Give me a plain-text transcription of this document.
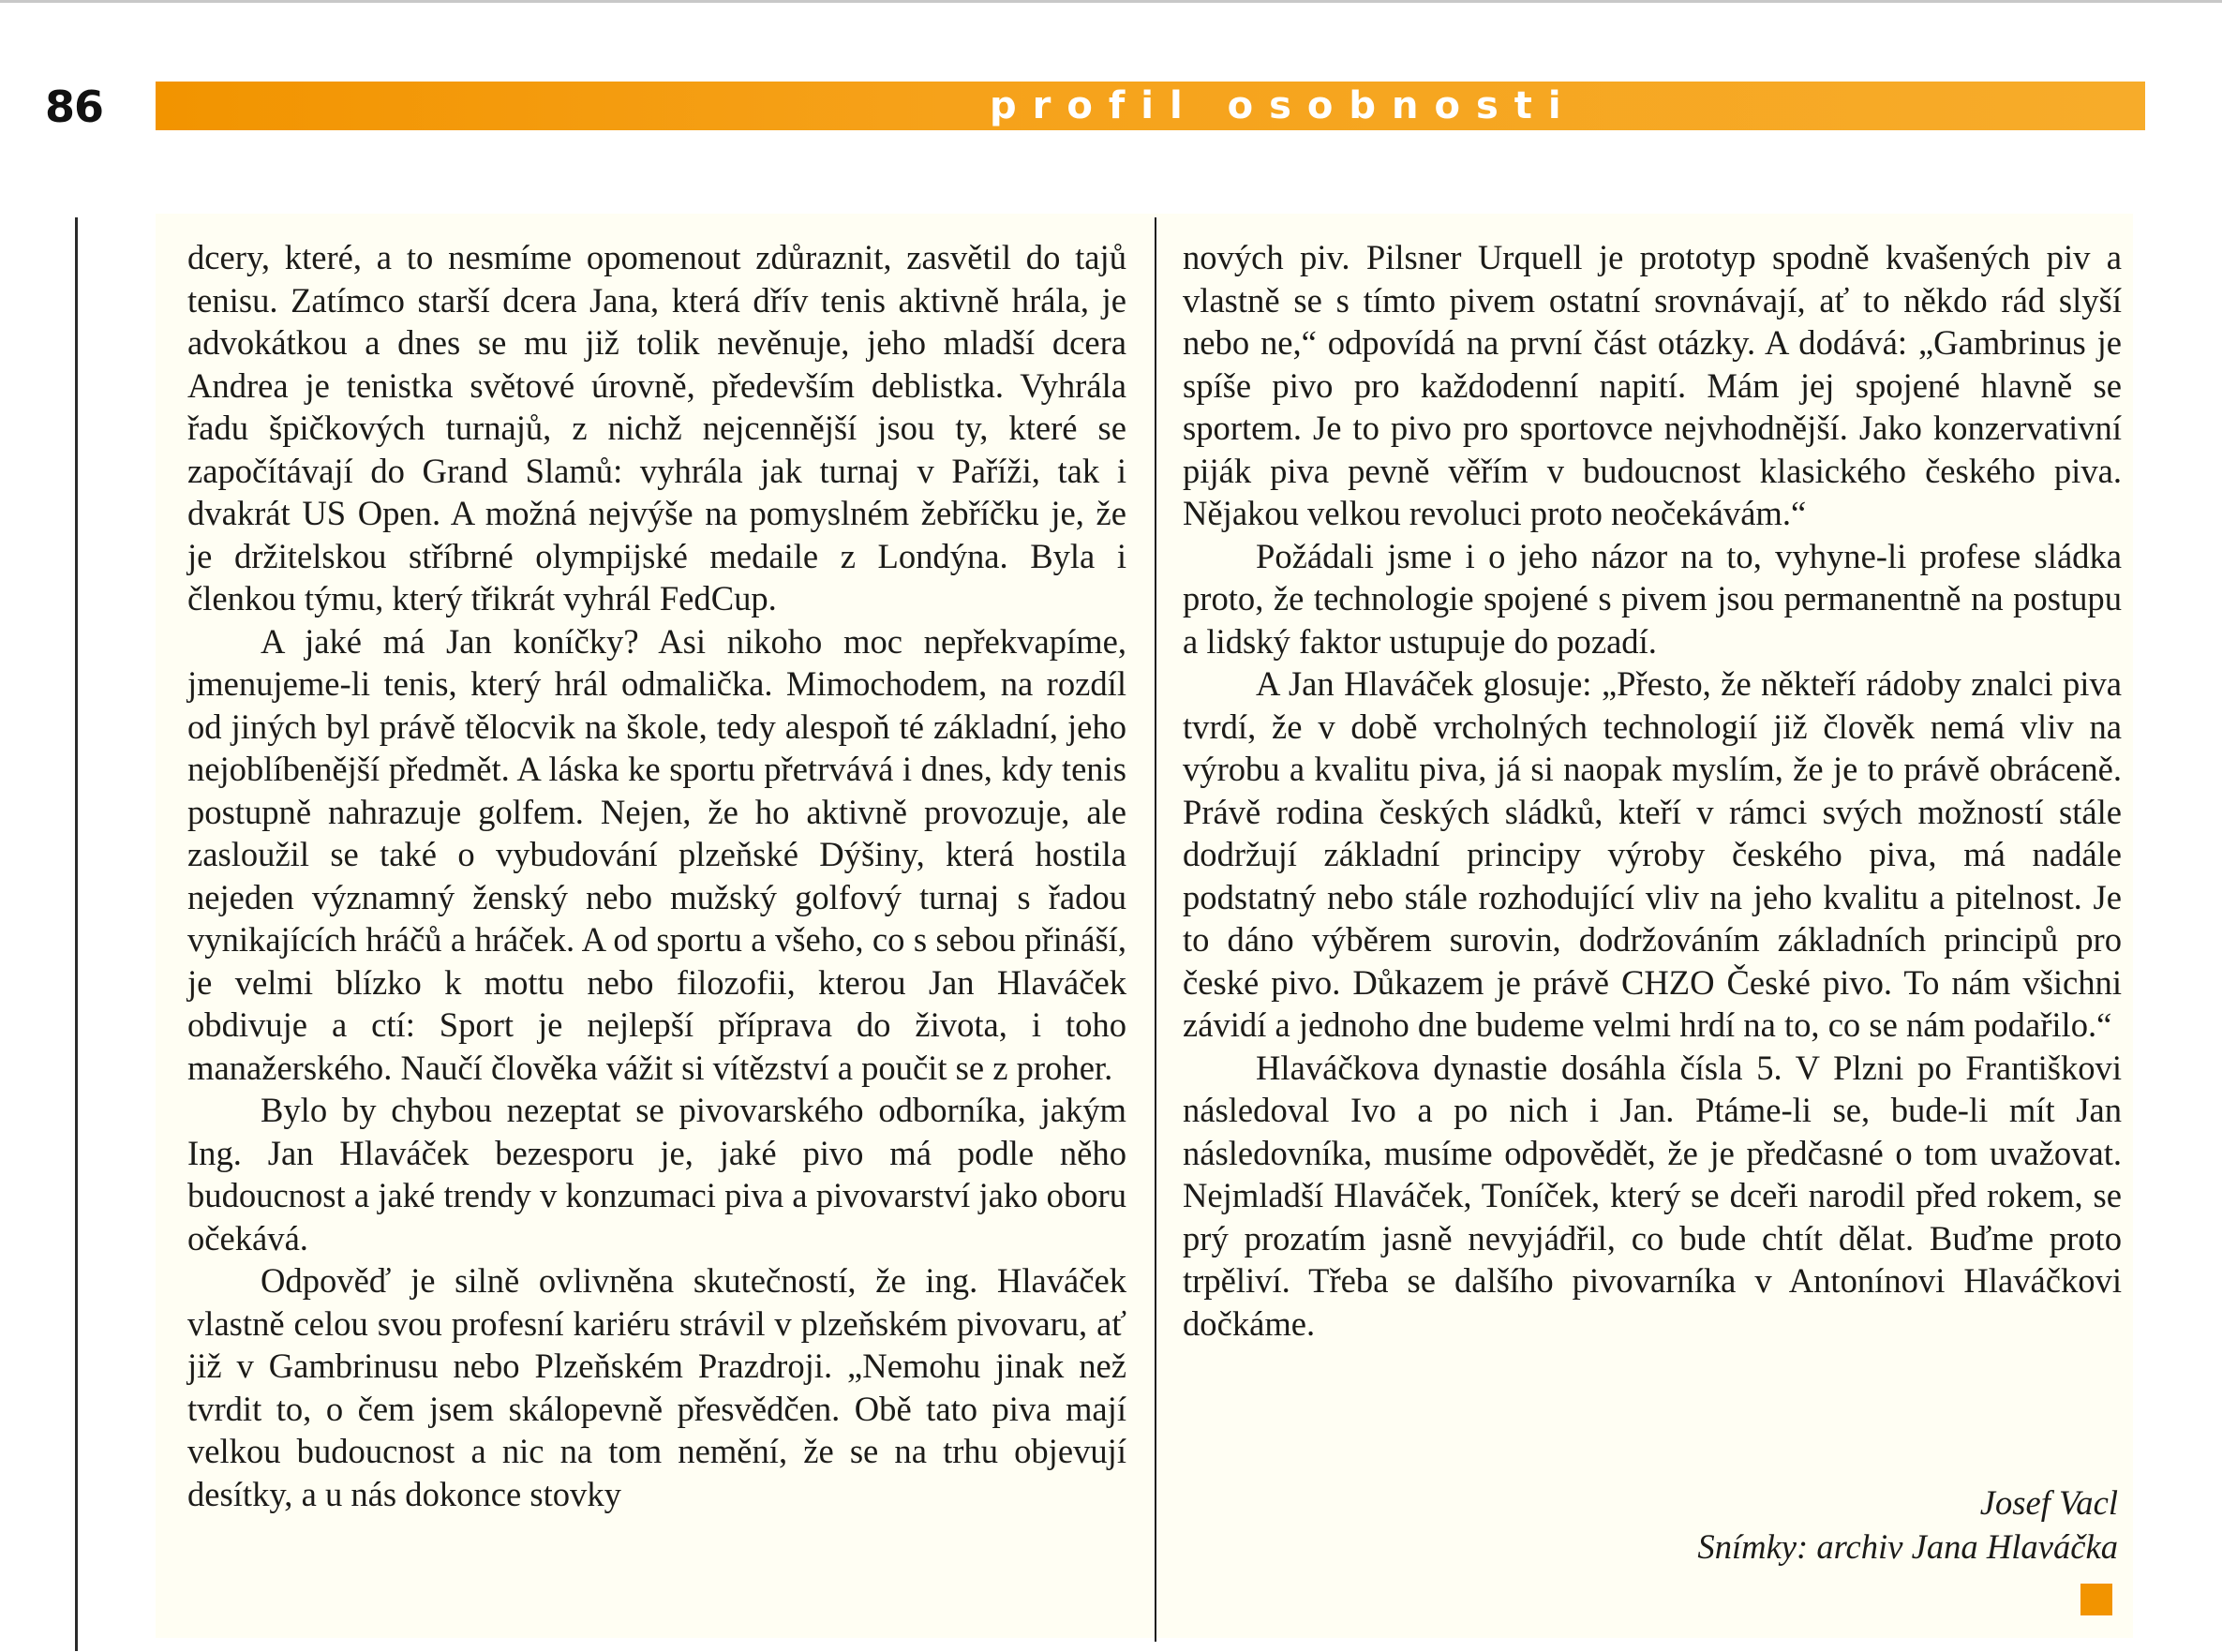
86	profil osobnosti

dcery, které, a to nesmíme opomenout zdůraznit, zasvětil do tajů tenisu. Zatímco starší dcera Jana, která dřív tenis aktivně hrála, je advokátkou a dnes se mu již tolik nevěnuje, jeho mladší dcera Andrea je tenistka světové úrovně, především deblistka. Vyhrála řadu špičkových turnajů, z nichž nejcennější jsou ty, které se započítávají do Grand Slamů: vyhrála jak turnaj v Paříži, tak i dvakrát US Open. A možná nejvýše na pomyslném žebříčku je, že je držitelskou stříbrné olympijské medaile z Londýna. Byla i členkou týmu, který třikrát vyhrál FedCup.

A jaké má Jan koníčky? Asi nikoho moc nepřekvapíme, jmenujeme-li tenis, který hrál odmalička. Mimochodem, na rozdíl od jiných byl právě tělocvik na škole, tedy alespoň té základní, jeho nejoblíbenější předmět. A láska ke sportu přetrvává i dnes, kdy tenis postupně nahrazuje golfem. Nejen, že ho aktivně provozuje, ale zasloužil se také o vybudování plzeňské Dýšiny, která hostila nejeden významný ženský nebo mužský golfový turnaj s řadou vynikajících hráčů a hráček. A od sportu a všeho, co s sebou přináší, je velmi blízko k mottu nebo filozofii, kterou Jan Hlaváček obdivuje a ctí: Sport je nejlepší příprava do života, i toho manažerského. Naučí člověka vážit si vítězství a poučit se z proher.

Bylo by chybou nezeptat se pivovarského odborníka, jakým Ing. Jan Hlaváček bezesporu je, jaké pivo má podle něho budoucnost a jaké trendy v konzumaci piva a pivovarství jako oboru očekává.

Odpověď je silně ovlivněna skutečností, že ing. Hlaváček vlastně celou svou profesní kariéru strávil v plzeňském pivovaru, ať již v Gambrinusu nebo Plzeňském Prazdroji. „Nemohu jinak než tvrdit to, o čem jsem skálopevně přesvědčen. Obě tato piva mají velkou budoucnost a nic na tom nemění, že se na trhu objevují desítky, a u nás dokonce stovky

nových piv. Pilsner Urquell je prototyp spodně kvašených piv a vlastně se s tímto pivem ostatní srovnávají, ať to někdo rád slyší nebo ne,“ odpovídá na první část otázky. A dodává: „Gambrinus je spíše pivo pro každodenní napití. Mám jej spojené hlavně se sportem. Je to pivo pro sportovce nejvhodnější. Jako konzervativní piják piva pevně věřím v budoucnost klasického českého piva. Nějakou velkou revoluci proto neočekávám.“

Požádali jsme i o jeho názor na to, vyhyne-li profese sládka proto, že technologie spojené s pivem jsou permanentně na postupu a lidský faktor ustupuje do pozadí.

A Jan Hlaváček glosuje: „Přesto, že někteří rádoby znalci piva tvrdí, že v době vrcholných technologií již člověk nemá vliv na výrobu a kvalitu piva, já si naopak myslím, že je to právě obráceně. Právě rodina českých sládků, kteří v rámci svých možností stále dodržují základní principy výroby českého piva, má nadále podstatný nebo stále rozhodující vliv na jeho kvalitu a pitelnost. Je to dáno výběrem surovin, dodržováním základních principů pro české pivo. Důkazem je právě CHZO České pivo. To nám všichni závidí a jednoho dne budeme velmi hrdí na to, co se nám podařilo.“

Hlaváčkova dynastie dosáhla čísla 5. V Plzni po Františkovi následoval Ivo a po nich i Jan. Ptáme-li se, bude-li mít Jan následovníka, musíme odpovědět, že je předčasné o tom uvažovat. Nejmladší Hlaváček, Toníček, který se dceři narodil před rokem, se prý prozatím jasně nevyjádřil, co bude chtít dělat. Buďme proto trpěliví. Třeba se dalšího pivovarníka v Antonínovi Hlaváčkovi dočkáme.

Josef Vacl
Snímky: archiv Jana Hlaváčka
